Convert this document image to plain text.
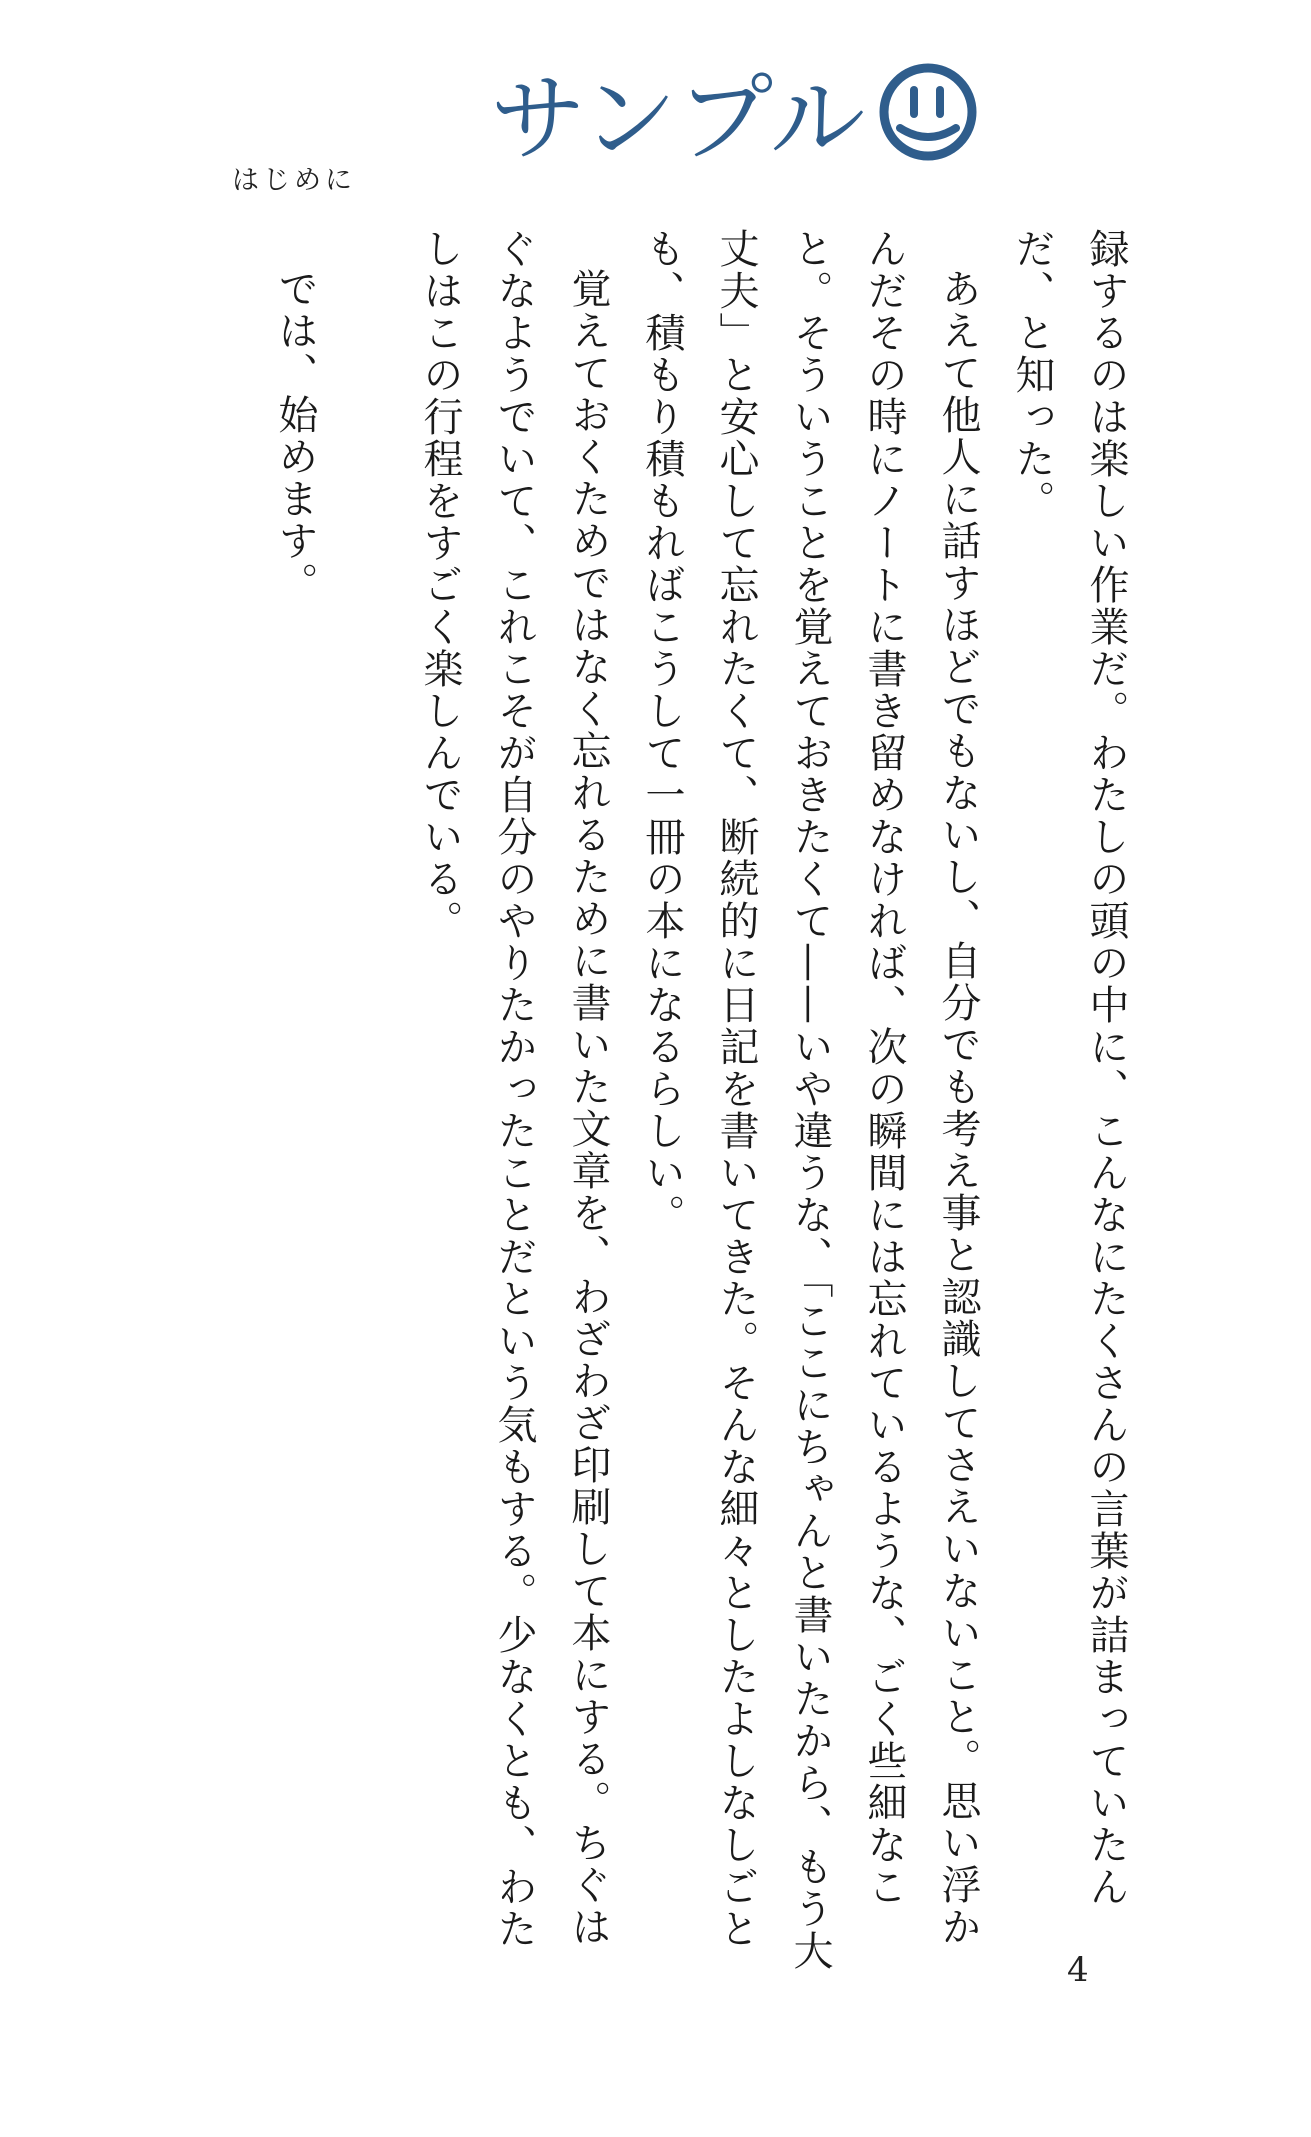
サンプル
はじめに

録するのは楽しい作業だ。わたしの頭の中に、こんなにたくさんの言葉が詰まっていたんだ、と知った。

あえて他人に話すほどでもないし、自分でも考え事と認識してさえいないこと。思い浮かんだその時にノートに書き留めなければ、次の瞬間には忘れているような、ごく些細なこと。そういうことを覚えておきたくて——いや違うな、「ここにちゃんと書いたから、もう大丈夫」と安心して忘れたくて、断続的に日記を書いてきた。そんな細々としたよしなしごとも、積もり積もればこうして一冊の本になるらしい。

覚えておくためではなく忘れるために書いた文章を、わざわざ印刷して本にする。ちぐはぐなようでいて、これこそが自分のやりたかったことだという気もする。少なくとも、わたしはこの行程をすごく楽しんでいる。

では、始めます。

4
